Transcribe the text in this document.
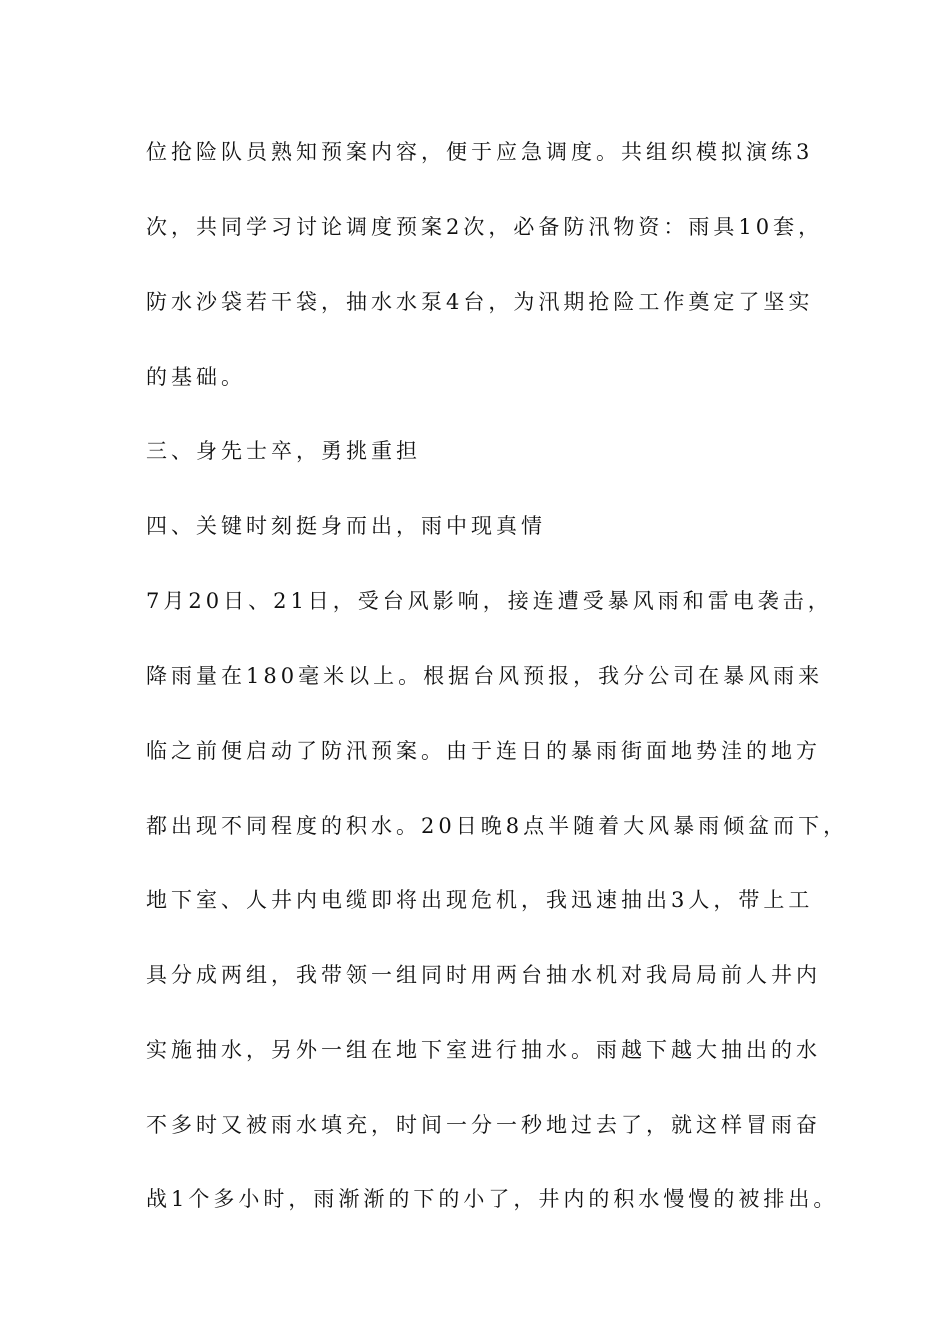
位抢险队员熟知预案内容，便于应急调度。共组织模拟演练3

次，共同学习讨论调度预案2次，必备防汛物资：雨具10套，

防水沙袋若干袋，抽水水泵4台，为汛期抢险工作奠定了坚实

的基础。

三、身先士卒，勇挑重担

四、关键时刻挺身而出，雨中现真情

7月20日、21日，受台风影响，接连遭受暴风雨和雷电袭击，

降雨量在180毫米以上。根据台风预报，我分公司在暴风雨来

临之前便启动了防汛预案。由于连日的暴雨街面地势洼的地方

都出现不同程度的积水。20日晚8点半随着大风暴雨倾盆而下，

地下室、人井内电缆即将出现危机，我迅速抽出3人，带上工

具分成两组，我带领一组同时用两台抽水机对我局局前人井内

实施抽水，另外一组在地下室进行抽水。雨越下越大抽出的水

不多时又被雨水填充，时间一分一秒地过去了，就这样冒雨奋

战1个多小时，雨渐渐的下的小了，井内的积水慢慢的被排出。
